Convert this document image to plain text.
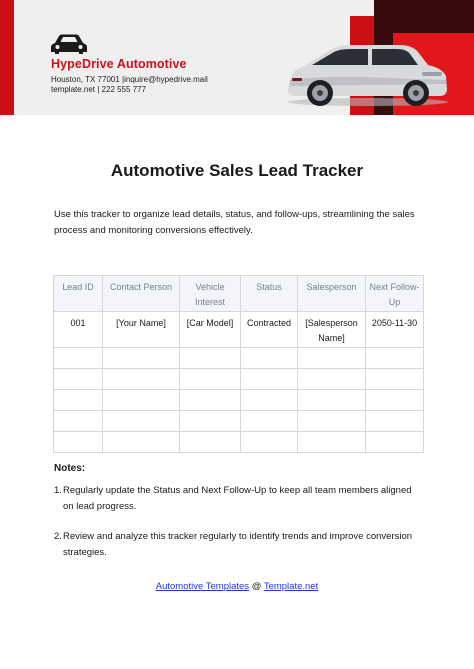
HypeDrive Automotive
Houston, TX 77001 |inquire@hypedrive.mail
template.net | 222 555 777
Automotive Sales Lead Tracker
Use this tracker to organize lead details, status, and follow-ups, streamlining the sales process and monitoring conversions effectively.
Lead ID	Contact Person	Vehicle Interest	Status	Salesperson	Next Follow-Up
001	[Your Name]	[Car Model]	Contracted	[Salesperson Name]	2050-11-30

Notes:
1. Regularly update the Status and Next Follow-Up to keep all team members aligned on lead progress.
2. Review and analyze this tracker regularly to identify trends and improve conversion strategies.
Automotive Templates @ Template.net
